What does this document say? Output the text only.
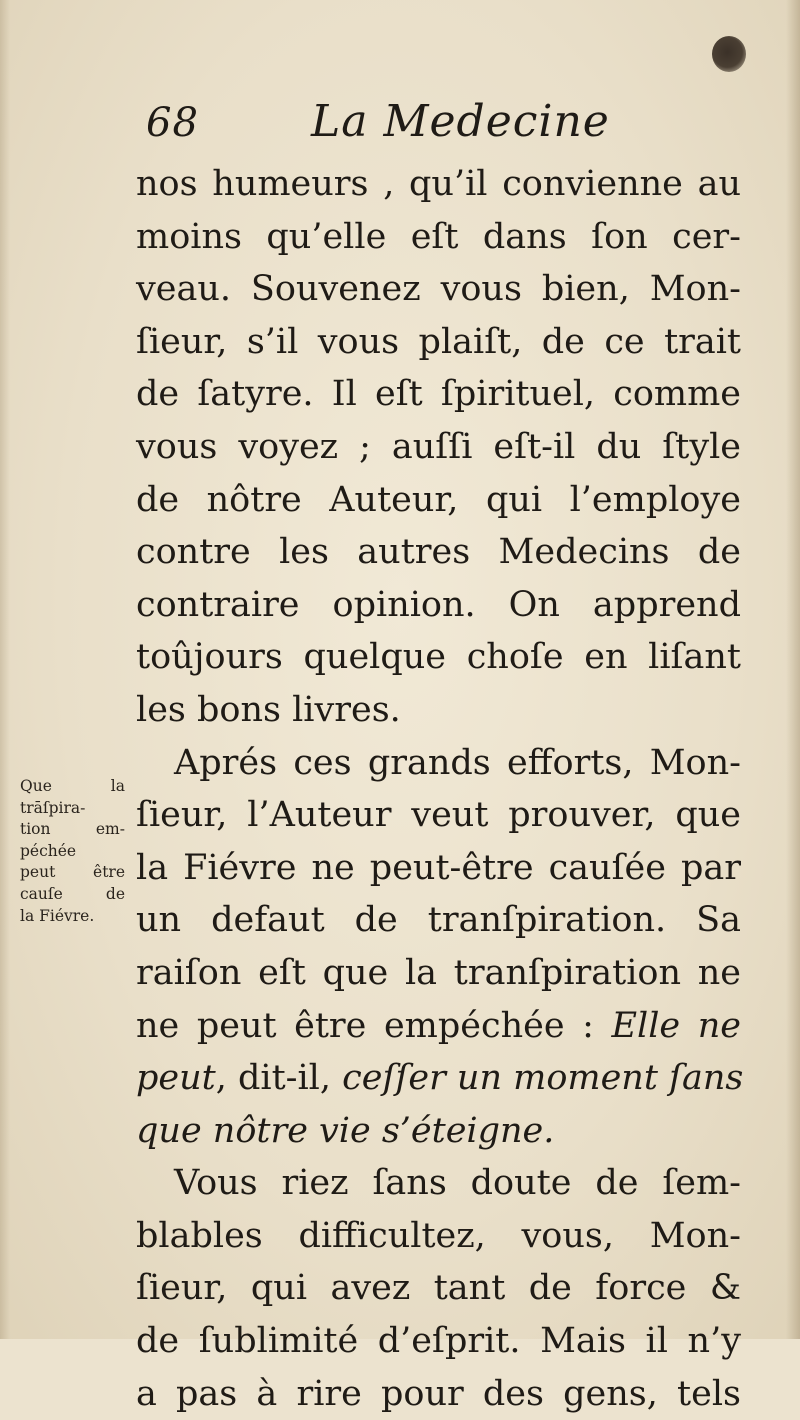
68	La Medecine
Que la
trāſpira-
tion em-
péchée
peut être
cauſe de
la Fiévre.
nos humeurs , qu’il convienne au
moins qu’elle eſt dans ſon cer-
veau. Souvenez vous bien, Mon-
ſieur, s’il vous plaiſt, de ce trait
de ſatyre. Il eſt ſpirituel, comme
vous voyez ; auſſi eſt-il du ſtyle
de nôtre Auteur, qui l’employe
contre les autres Medecins de
contraire opinion. On apprend
toûjours quelque choſe en liſant
les bons livres.
Aprés ces grands efforts, Mon-
ſieur, l’Auteur veut prouver, que
la Fiévre ne peut-être cauſée par
un defaut de tranſpiration. Sa
raiſon eſt que la tranſpiration ne
ne peut être empéchée : Elle ne
peut, dit-il, ceſſer un moment ſans
que nôtre vie s’éteigne.
Vous riez ſans doute de ſem-
blables difficultez, vous, Mon-
ſieur, qui avez tant de force &
de ſublimité d’eſprit. Mais il n’y
a pas à rire pour des gens, tels
